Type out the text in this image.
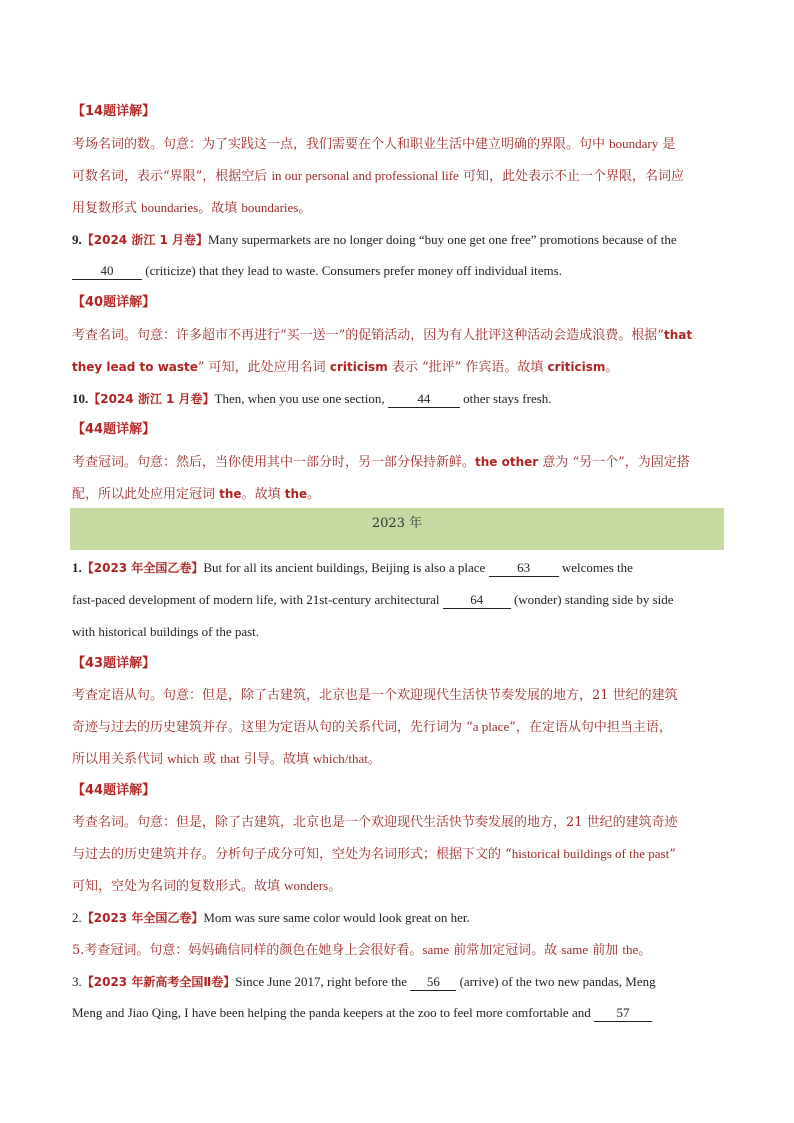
【14题详解】
考场名词的数。句意：为了实践这一点，我们需要在个人和职业生活中建立明确的界限。句中 boundary 是
可数名词，表示“界限”，根据空后 in our personal and professional life 可知，此处表示不止一个界限，名词应
用复数形式 boundaries。故填 boundaries。
9.【2024 浙江 1 月卷】Many supermarkets are no longer doing “buy one get one free” promotions because of the
40 (criticize) that they lead to waste. Consumers prefer money off individual items.
【40题详解】
考查名词。句意：许多超市不再进行“买一送一”的促销活动，因为有人批评这种活动会造成浪费。根据“that
they lead to waste” 可知，此处应用名词 criticism 表示 “批评” 作宾语。故填 criticism。
10.【2024 浙江 1 月卷】Then, when you use one section, 44 other stays fresh.
【44题详解】
考查冠词。句意：然后，当你使用其中一部分时，另一部分保持新鲜。the other 意为 “另一个”，为固定搭
配，所以此处应用定冠词 the。故填 the。
2023 年
1.【2023 年全国乙卷】But for all its ancient buildings, Beijing is also a place 63 welcomes the
fast-paced development of modern life, with 21st-century architectural 64 (wonder) standing side by side
with historical buildings of the past.
【43题详解】
考查定语从句。句意：但是，除了古建筑，北京也是一个欢迎现代生活快节奏发展的地方，21 世纪的建筑
奇迹与过去的历史建筑并存。这里为定语从句的关系代词，先行词为 “a place”，在定语从句中担当主语，
所以用关系代词 which 或 that 引导。故填 which/that。
【44题详解】
考查名词。句意：但是，除了古建筑，北京也是一个欢迎现代生活快节奏发展的地方，21 世纪的建筑奇迹
与过去的历史建筑并存。分析句子成分可知，空处为名词形式；根据下文的 “historical buildings of the past”
可知，空处为名词的复数形式。故填 wonders。
2.【2023 年全国乙卷】Mom was sure same color would look great on her.
5.考查冠词。句意：妈妈确信同样的颜色在她身上会很好看。same 前常加定冠词。故 same 前加 the。
3.【2023 年新高考全国Ⅱ卷】Since June 2017, right before the 56 (arrive) of the two new pandas, Meng
Meng and Jiao Qing, I have been helping the panda keepers at the zoo to feel more comfortable and 57
